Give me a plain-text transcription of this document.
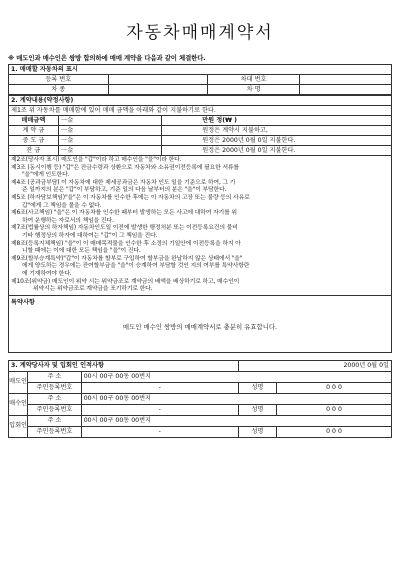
자동차매매계약서
※ 매도인과 매수인은 쌍방 합의하에 매매 계약을 다음과 같이 체결한다.
1. 매매할 자동차의 표시			
등록 번호		차대 번호	
차 종		차 명	
2. 계약내용(약정사항)		
제1조 위 자동차를 매매함에 있어 매매 금액을 아래와 같이 지불하기로 한다.		
매매금액	一金	만원 정(₩ )
계 약 금	一金	원정은 계약시 지불하고,
중 도 금	一金	원정은 2000년 0월 0일 지불한다.
잔 금	一金	원정은 2000년 0월 0일 지불한다.
제2조(당사자 표시) 매도인을 "갑"이라 하고 매수인을 "을"이라 한다.
제3조 (동시이행 등) "갑"은 잔금수령과 상환으로 자동차와 소유권이전등록에 필요한 서류를
"을"에게 인도한다.
제4조 (공과금부담) 이 자동차에 대한 제세공과금은 자동차 인도 일을 기준으로 하여, 그 기
준 일까지의 분은 "갑"이 부담하고, 기준 일의 다음 날부터의 분은 "을"이 부담한다.
제5조 (하자담보책임)"을"은 이 자동차를 인수한 후에는 이 자동차의 고장 또는 불량 등의 사유로
갑"에게 그 책임을 물을 수 없다.
제6조(사고책임) "을"은 이 자동차를 인수한 때부터 발생하는 모든 사고에 대하여 자기를 위
하여 운행하는 자로서의 책임을 진다.
제7조(법률상의 하자책임) 자동차인도일 이전에 발생한 행정처분 또는 이전등록요건의 불비
기타 행정상의 하자에 대하여는 "갑"이 그 책임을 진다.
제8조(등록지체책임) "을"이 이 매매목적물을 인수한 후 소정의 기일안에 이전등록을 하지 아
니할 때에는 이에 대한 모든 책임을 "을"이 진다.
제9조(할부승계특약)"갑"이 자동차를 할부로 구입하여 할부금을 완납하지 않은 상태에서 "을"
에게 양도하는 경우에는 잔여할부금을 "을"이 승계하여 부담할 것인 지의 여부를 특약사항란
에 기재하여야 한다.
제10조(위약금) 매도인이 위약 시는 위약금조로 계약금의 배액을 배상하기로 하고, 매수인이
위약시는 위약금조로 계약금을 포기하기로 한다.
특약사항
매도인 매수인 쌍방의 매매계약서로 충분히 유효합니다.
3. 계약당사자 및 입회인 인적사항			2000년 0월 0일	
매도인	주 소	00시 00구 00동 00번지		
	주민등록번호	-	성명	0 0 0
매수인	주 소	00시 00구 00동 00번지		
	주민등록번호	-	성명	0 0 0
입회인	주 소	00시 00구 00동 00번지		
	주민등록번호	-	성명	0 0 0
